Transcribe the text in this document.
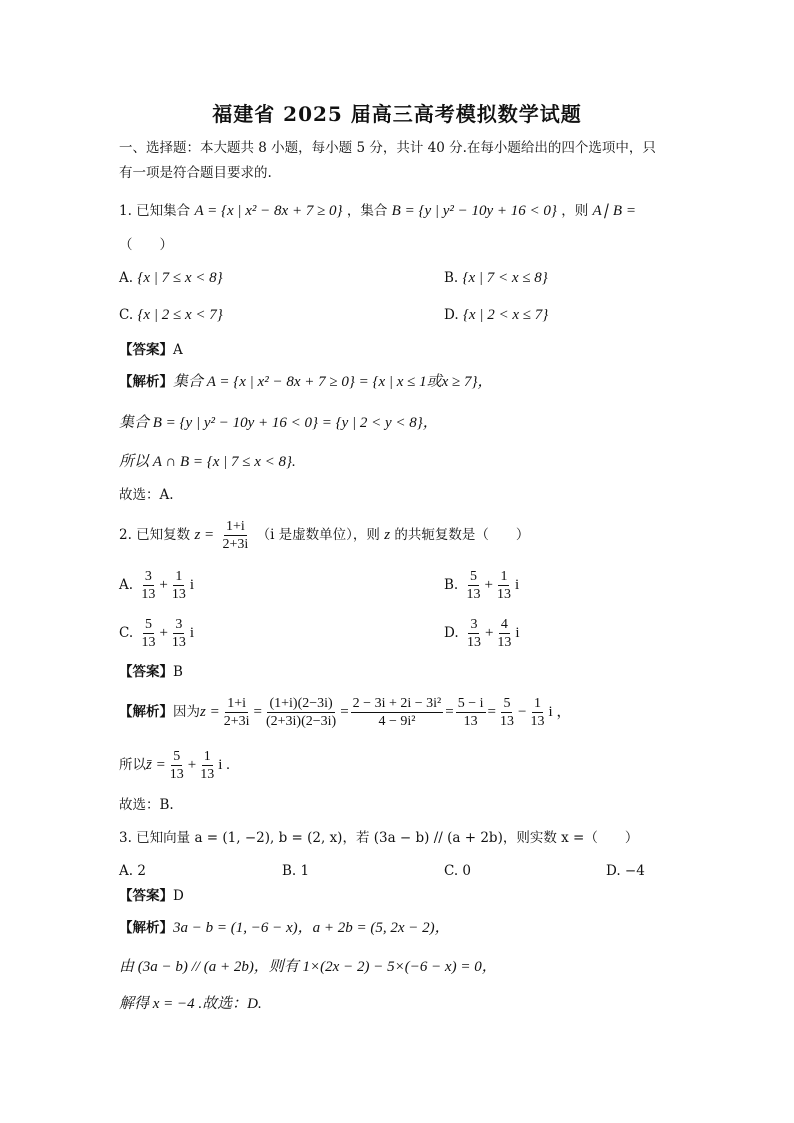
福建省 2025 届高三高考模拟数学试题
一、选择题：本大题共 8 小题，每小题 5 分，共计 40 分.在每小题给出的四个选项中，只
有一项是符合题目要求的.
1. 已知集合 A = {x | x² − 8x + 7 ≥ 0} ，集合 B = {y | y² − 10y + 16 < 0} ，则 A∣ B =
（　　）
A. {x | 7 ≤ x < 8}	B. {x | 7 < x ≤ 8}
C. {x | 2 ≤ x < 7}	D. {x | 2 < x ≤ 7}
【答案】A
【解析】集合 A = {x | x² − 8x + 7 ≥ 0} = {x | x ≤ 1或x ≥ 7}，
集合 B = {y | y² − 10y + 16 < 0} = {y | 2 < y < 8}，
所以 A ∩ B = {x | 7 ≤ x < 8}.
故选：A.
2. 已知复数 $z = \frac{1+i}{2+3i} (i$ 是虚数单位），则 z 的共轭复数是（　　）
A. $\frac{3}{13} + \frac{1}{13}$ i	B. $\frac{5}{13} + \frac{1}{13}$ i
C. $\frac{5}{13} + \frac{3}{13}$ i	D. $\frac{3}{13} + \frac{4}{13}$ i
【答案】B
【解析】因为$z = \frac{1+i}{2+3i} = \frac{(1+i)(2-3i)}{(2+3i)(2-3i)} = \frac{\text{2 − 3i + 2i − 3i²}}{\text{4 − 9i²}} = \frac{5 - i}{13} = \frac{5}{13} - \frac{1}{13}$ i ，
所以z̄ = $\frac{5}{13} + \frac{1}{13}$ i .
故选：B.
3. 已知向量 a = (1, −2), b = (2, x)，若 (3a − b) // (a + 2b)，则实数 x =（　　）
A. 2	B. 1	C. 0	D. −4
【答案】D
【解析】3a − b = (1, −6 − x)，a + 2b = (5, 2x − 2)，
由 (3a − b) // (a + 2b)，则有 1×(2x − 2) − 5×(−6 − x) = 0，
解得 x = −4 .故选：D.
